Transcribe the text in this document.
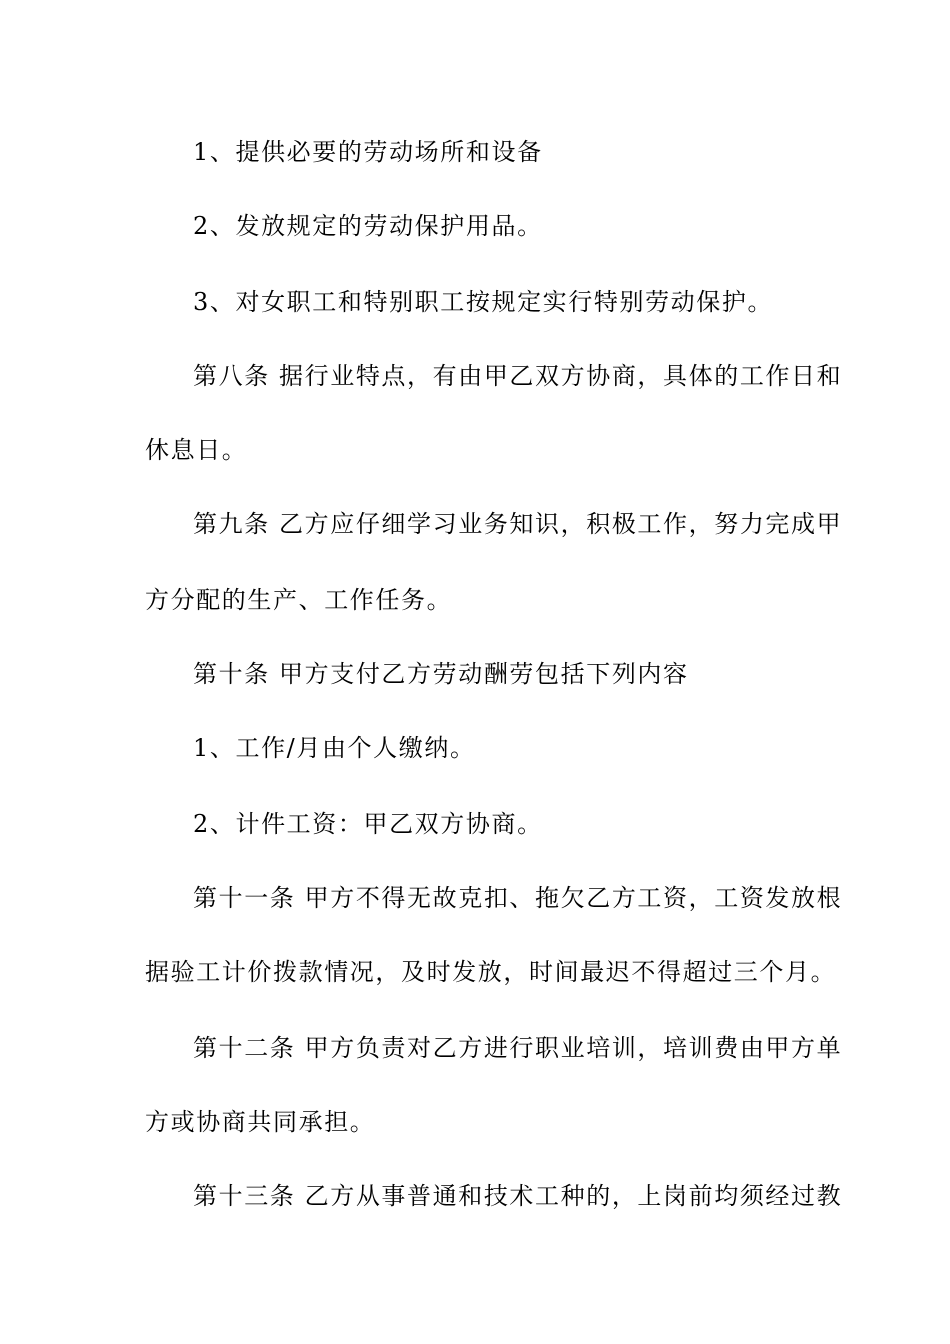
1、提供必要的劳动场所和设备
2、发放规定的劳动保护用品。
3、对女职工和特别职工按规定实行特别劳动保护。
第八条 据行业特点，有由甲乙双方协商，具体的工作日和
休息日。
第九条 乙方应仔细学习业务知识，积极工作，努力完成甲
方分配的生产、工作任务。
第十条 甲方支付乙方劳动酬劳包括下列内容
1、工作/月由个人缴纳。
2、计件工资：甲乙双方协商。
第十一条 甲方不得无故克扣、拖欠乙方工资，工资发放根
据验工计价拨款情况，及时发放，时间最迟不得超过三个月。
第十二条 甲方负责对乙方进行职业培训，培训费由甲方单
方或协商共同承担。
第十三条 乙方从事普通和技术工种的，上岗前均须经过教
